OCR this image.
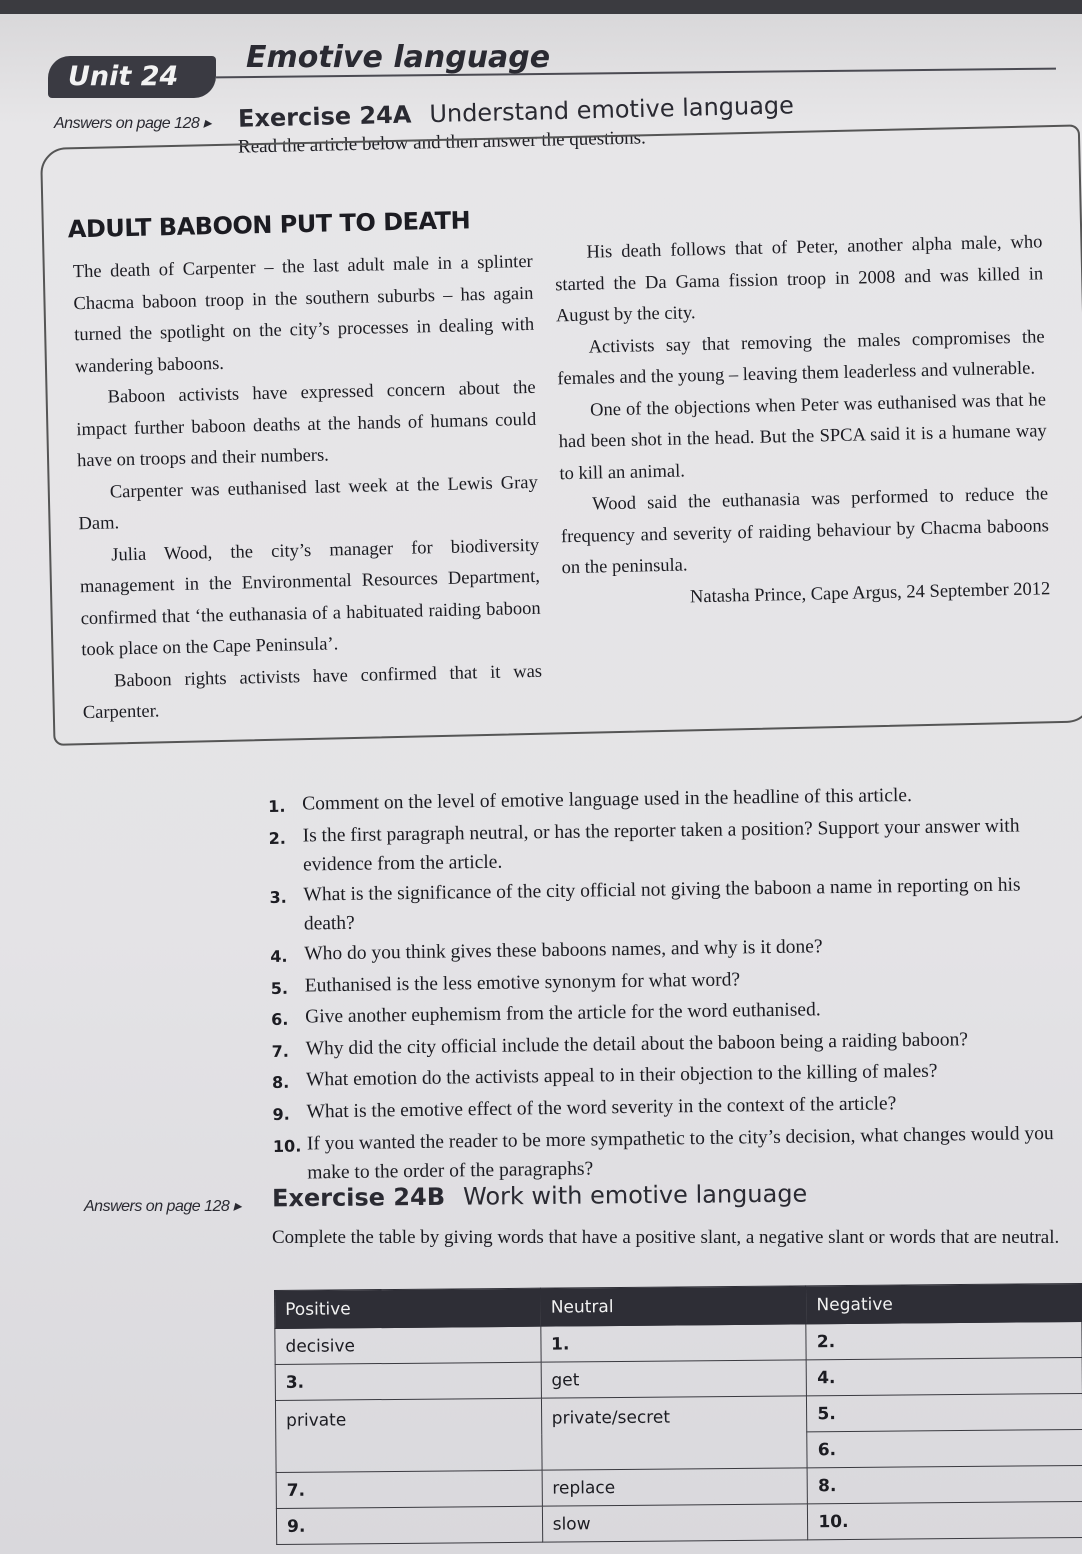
Unit 24
Emotive language
Answers on page 128 ▸ Exercise 24A Understand emotive language
Read the article below and then answer the questions.
ADULT BABOON PUT TO DEATH

The death of Carpenter – the last adult male in a splinter Chacma baboon troop in the southern suburbs – has again turned the spotlight on the city’s processes in dealing with wandering baboons.

Baboon activists have expressed concern about the impact further baboon deaths at the hands of humans could have on troops and their numbers.

Carpenter was euthanised last week at the Lewis Gray Dam.

Julia Wood, the city’s manager for biodiversity management in the Environmental Resources Department, confirmed that ‘the euthanasia of a habituated raiding baboon took place on the Cape Peninsula’.

Baboon rights activists have confirmed that it was Carpenter.

His death follows that of Peter, another alpha male, who started the Da Gama fission troop in 2008 and was killed in August by the city.

Activists say that removing the males compromises the females and the young – leaving them leaderless and vulnerable.

One of the objections when Peter was euthanised was that he had been shot in the head. But the SPCA said it is a humane way to kill an animal.

Wood said the euthanasia was performed to reduce the frequency and severity of raiding behaviour by Chacma baboons on the peninsula.

Natasha Prince, Cape Argus, 24 September 2012
1. Comment on the level of emotive language used in the headline of this article.
2. Is the first paragraph neutral, or has the reporter taken a position? Support your answer with evidence from the article.
3. What is the significance of the city official not giving the baboon a name in reporting on his death?
4. Who do you think gives these baboons names, and why is it done?
5. Euthanised is the less emotive synonym for what word?
6. Give another euphemism from the article for the word euthanised.
7. Why did the city official include the detail about the baboon being a raiding baboon?
8. What emotion do the activists appeal to in their objection to the killing of males?
9. What is the emotive effect of the word severity in the context of the article?
10. If you wanted the reader to be more sympathetic to the city’s decision, what changes would you make to the order of the paragraphs?
Answers on page 128 ▸ Exercise 24B Work with emotive language
Complete the table by giving words that have a positive slant, a negative slant or words that are neutral.
Positive	Neutral	Negative
decisive	1.	2.
3.	get	4.
private	private/secret	5.
		6.
7.	replace	8.
9.	slow	10.
